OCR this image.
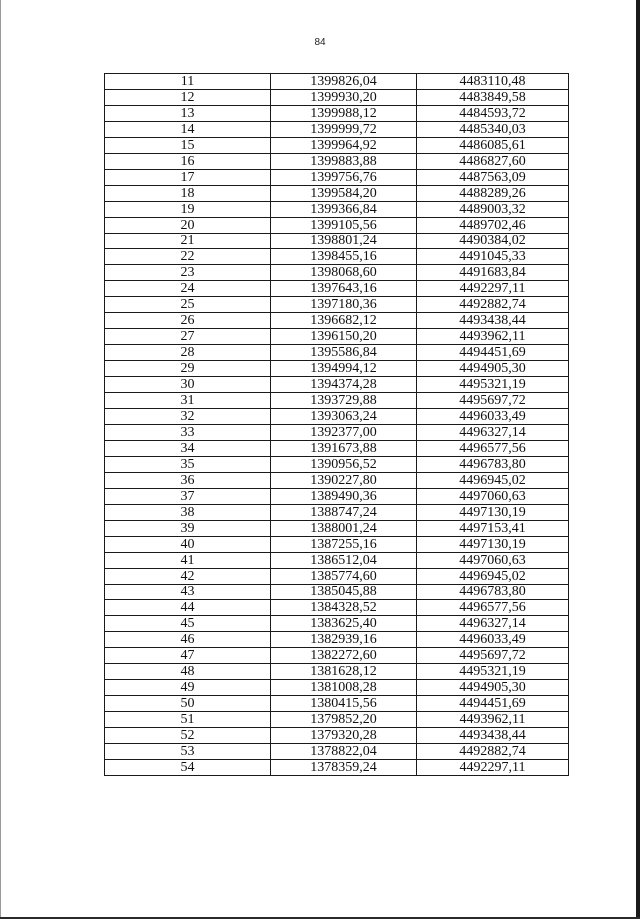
84
11	1399826,04	4483110,48
12	1399930,20	4483849,58
13	1399988,12	4484593,72
14	1399999,72	4485340,03
15	1399964,92	4486085,61
16	1399883,88	4486827,60
17	1399756,76	4487563,09
18	1399584,20	4488289,26
19	1399366,84	4489003,32
20	1399105,56	4489702,46
21	1398801,24	4490384,02
22	1398455,16	4491045,33
23	1398068,60	4491683,84
24	1397643,16	4492297,11
25	1397180,36	4492882,74
26	1396682,12	4493438,44
27	1396150,20	4493962,11
28	1395586,84	4494451,69
29	1394994,12	4494905,30
30	1394374,28	4495321,19
31	1393729,88	4495697,72
32	1393063,24	4496033,49
33	1392377,00	4496327,14
34	1391673,88	4496577,56
35	1390956,52	4496783,80
36	1390227,80	4496945,02
37	1389490,36	4497060,63
38	1388747,24	4497130,19
39	1388001,24	4497153,41
40	1387255,16	4497130,19
41	1386512,04	4497060,63
42	1385774,60	4496945,02
43	1385045,88	4496783,80
44	1384328,52	4496577,56
45	1383625,40	4496327,14
46	1382939,16	4496033,49
47	1382272,60	4495697,72
48	1381628,12	4495321,19
49	1381008,28	4494905,30
50	1380415,56	4494451,69
51	1379852,20	4493962,11
52	1379320,28	4493438,44
53	1378822,04	4492882,74
54	1378359,24	4492297,11
